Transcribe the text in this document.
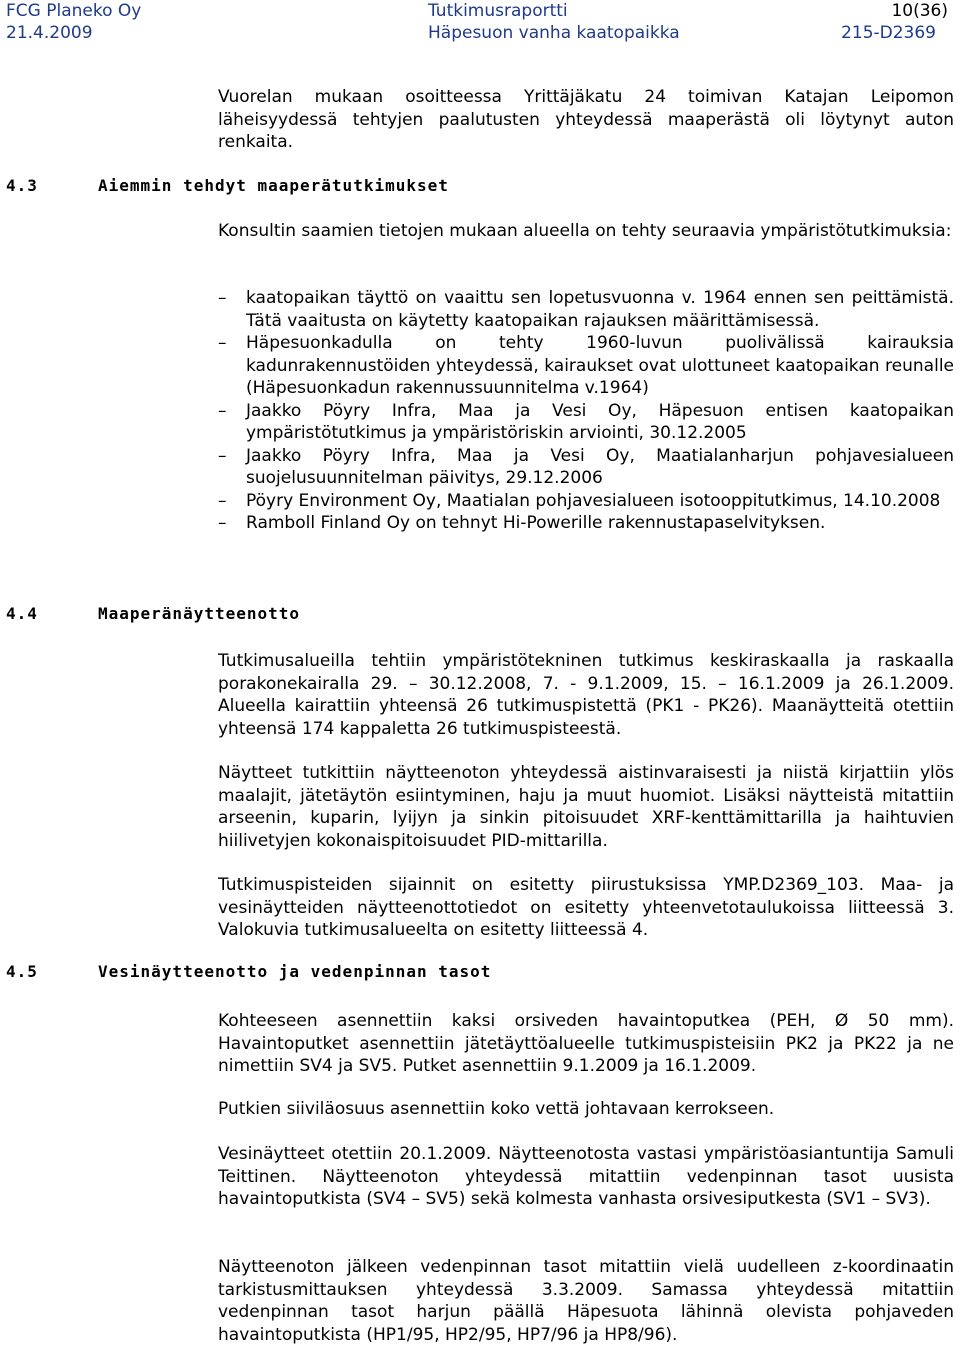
FCG Planeko Oy
21.4.2009
Tutkimusraportti
Häpesuon vanha kaatopaikka
10(36)
215-D2369
Vuorelan mukaan osoitteessa Yrittäjäkatu 24 toimivan Katajan Leipomon läheisyydessä tehtyjen paalutusten yhteydessä maaperästä oli löytynyt auton renkaita.
4.3	Aiemmin tehdyt maaperätutkimukset
Konsultin saamien tietojen mukaan alueella on tehty seuraavia ympäristötutkimuksia:
– kaatopaikan täyttö on vaaittu sen lopetusvuonna v. 1964 ennen sen peittämistä. Tätä vaaitusta on käytetty kaatopaikan rajauksen määrittämisessä.
– Häpesuonkadulla on tehty 1960-luvun puolivälissä kairauksia kadunrakennustöiden yhteydessä, kairaukset ovat ulottuneet kaatopaikan reunalle (Häpesuonkadun rakennussuunnitelma v.1964)
– Jaakko Pöyry Infra, Maa ja Vesi Oy, Häpesuon entisen kaatopaikan ympäristötutkimus ja ympäristöriskin arviointi, 30.12.2005
– Jaakko Pöyry Infra, Maa ja Vesi Oy, Maatialanharjun pohjavesialueen suojelusuunnitelman päivitys, 29.12.2006
– Pöyry Environment Oy, Maatialan pohjavesialueen isotooppitutkimus, 14.10.2008
– Ramboll Finland Oy on tehnyt Hi-Powerille rakennustapaselvityksen.
4.4	Maaperänäytteenotto
Tutkimusalueilla tehtiin ympäristötekninen tutkimus keskiraskaalla ja raskaalla porakonekairalla 29. – 30.12.2008, 7. - 9.1.2009, 15. – 16.1.2009 ja 26.1.2009. Alueella kairattiin yhteensä 26 tutkimuspistettä (PK1 - PK26). Maanäytteitä otettiin yhteensä 174 kappaletta 26 tutkimuspisteestä.
Näytteet tutkittiin näytteenoton yhteydessä aistinvaraisesti ja niistä kirjattiin ylös maalajit, jätetäytön esiintyminen, haju ja muut huomiot. Lisäksi näytteistä mitattiin arseenin, kuparin, lyijyn ja sinkin pitoisuudet XRF-kenttämittarilla ja haihtuvien hiilivetyjen kokonaispitoisuudet PID-mittarilla.
Tutkimuspisteiden sijainnit on esitetty piirustuksissa YMP.D2369_103. Maa- ja vesinäytteiden näytteenottotiedot on esitetty yhteenvetotaulukoissa liitteessä 3. Valokuvia tutkimusalueelta on esitetty liitteessä 4.
4.5	Vesinäytteenotto ja vedenpinnan tasot
Kohteeseen asennettiin kaksi orsiveden havaintoputkea (PEH, Ø 50 mm). Havaintoputket asennettiin jätetäyttöalueelle tutkimuspisteisiin PK2 ja PK22 ja ne nimettiin SV4 ja SV5. Putket asennettiin 9.1.2009 ja 16.1.2009.
Putkien siiviläosuus asennettiin koko vettä johtavaan kerrokseen.
Vesinäytteet otettiin 20.1.2009. Näytteenotosta vastasi ympäristöasiantuntija Samuli Teittinen. Näytteenoton yhteydessä mitattiin vedenpinnan tasot uusista havaintoputkista (SV4 – SV5) sekä kolmesta vanhasta orsivesiputkesta (SV1 – SV3).
Näytteenoton jälkeen vedenpinnan tasot mitattiin vielä uudelleen z-koordinaatin tarkistusmittauksen yhteydessä 3.3.2009. Samassa yhteydessä mitattiin vedenpinnan tasot harjun päällä Häpesuota lähinnä olevista pohjaveden havaintoputkista (HP1/95, HP2/95, HP7/96 ja HP8/96).
